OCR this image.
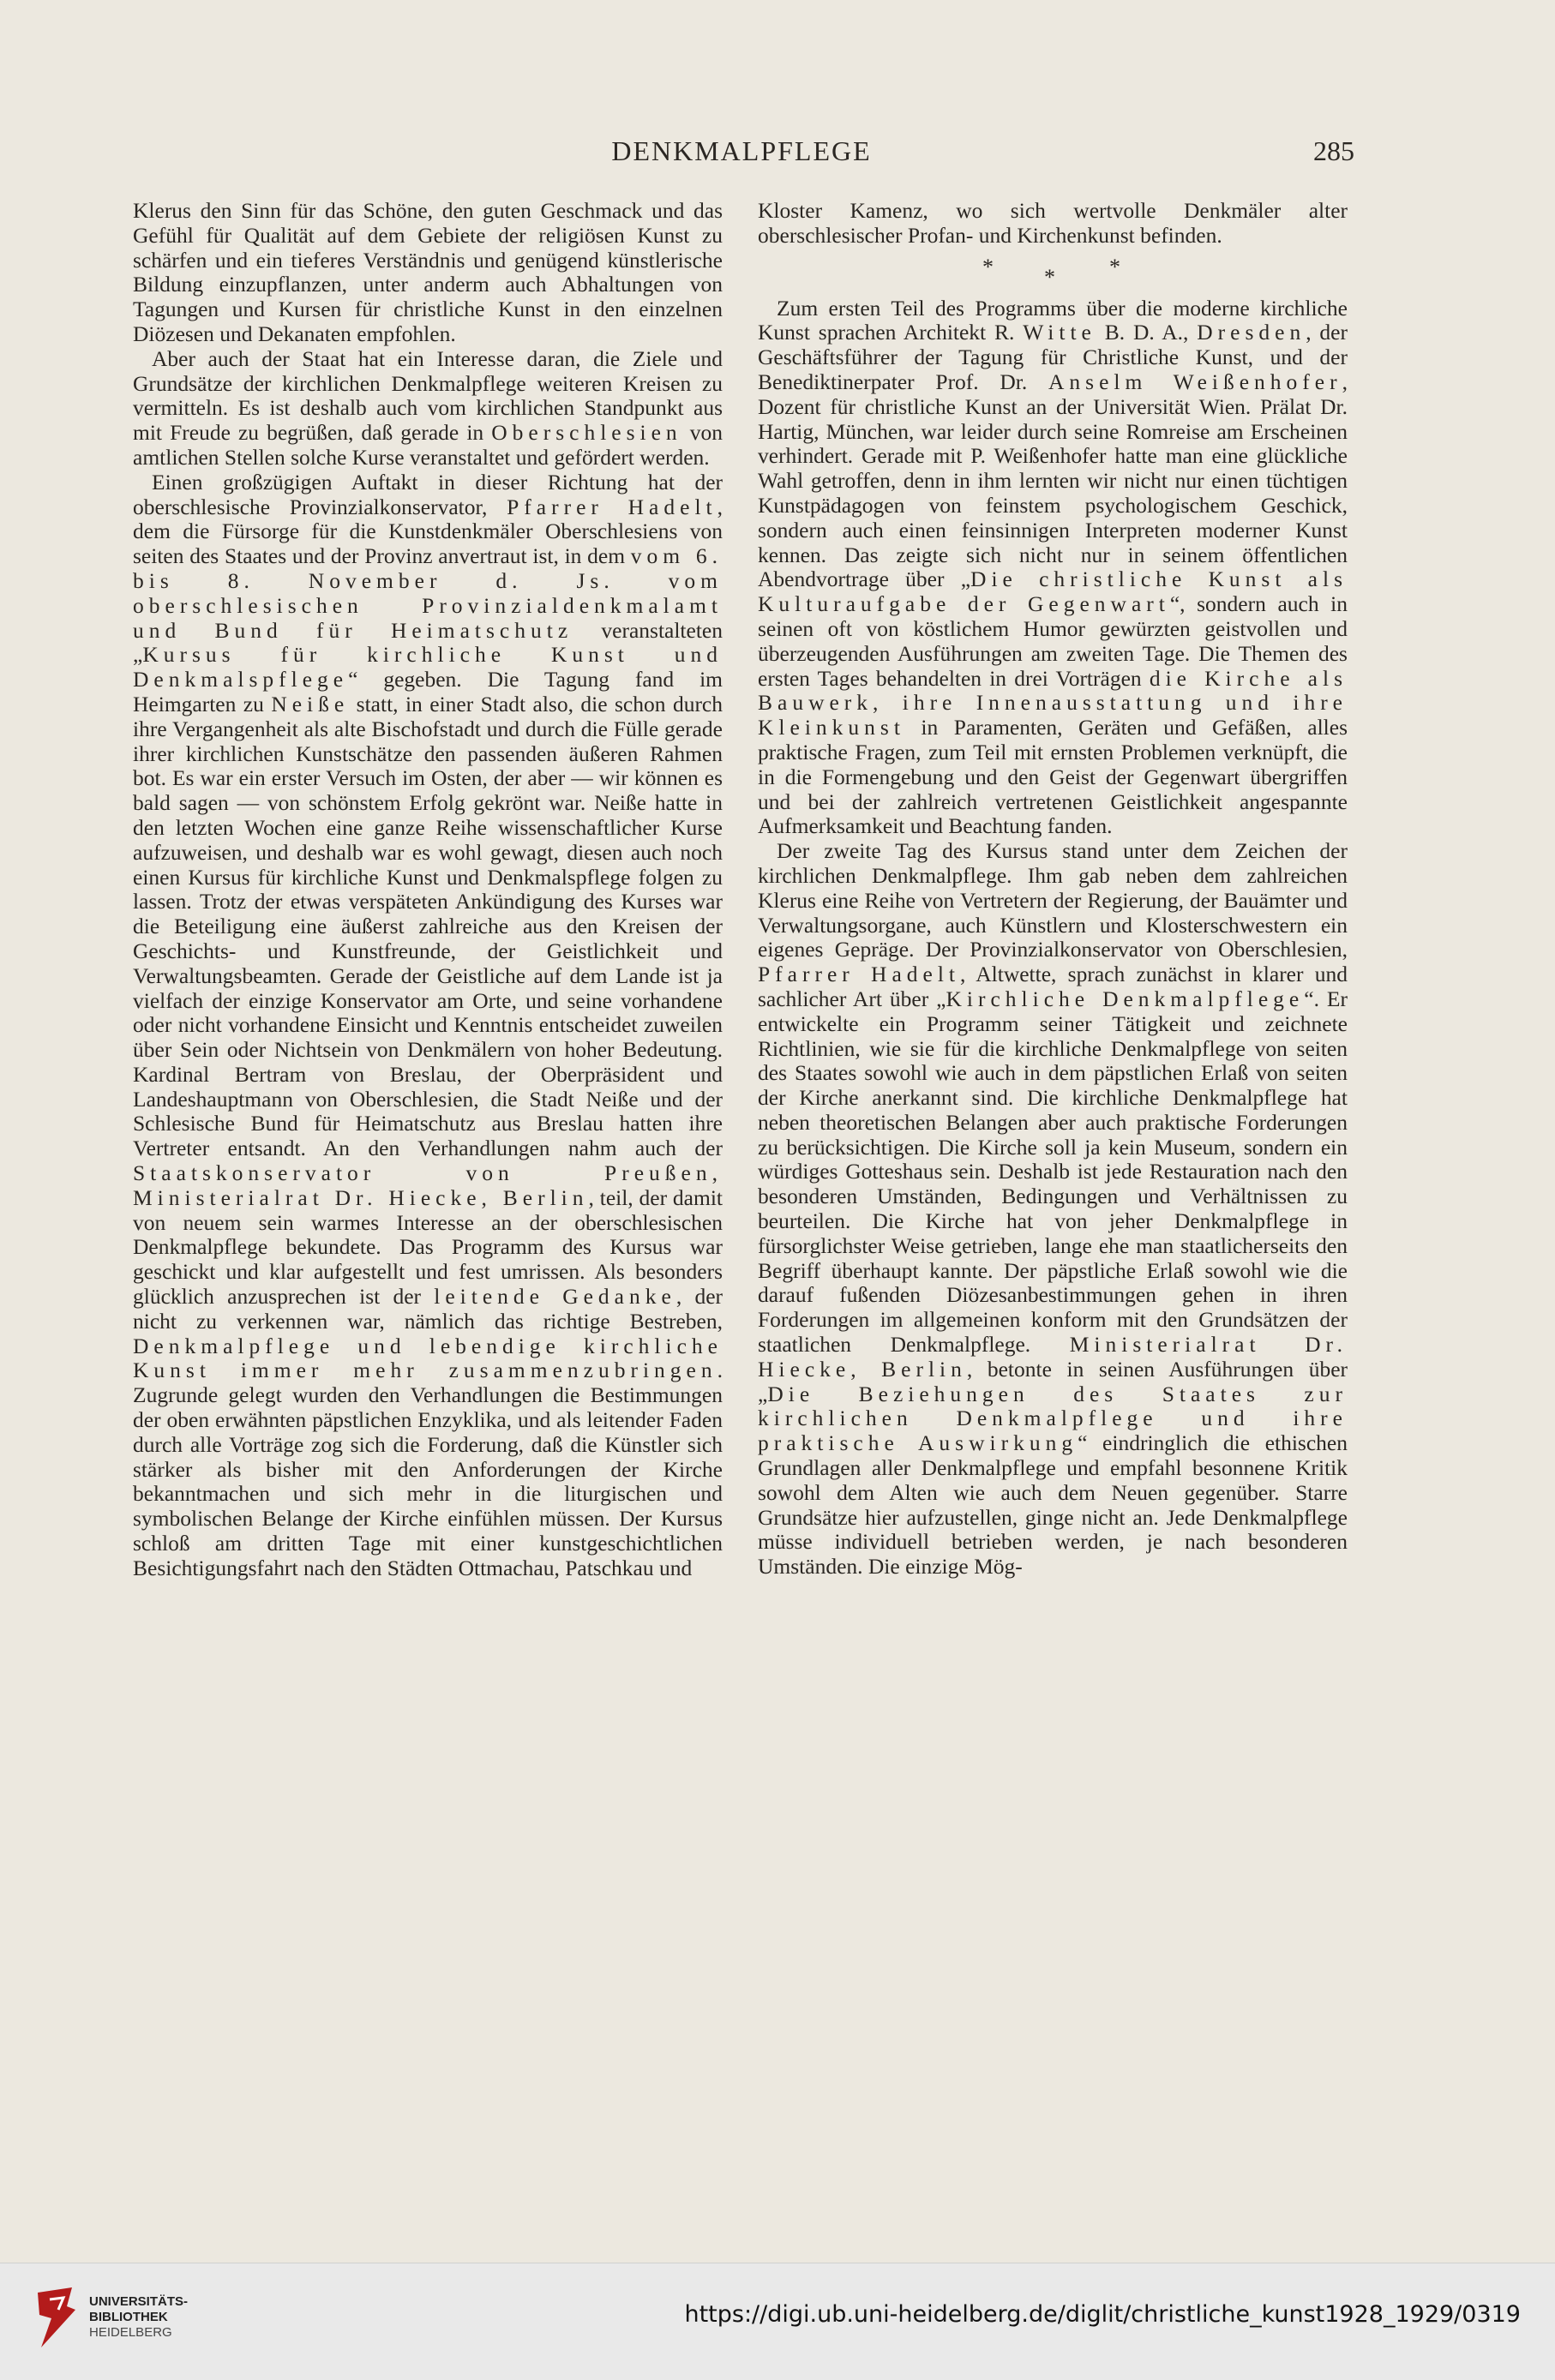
DENKMALPFLEGE	285

Klerus den Sinn für das Schöne, den guten Geschmack und das Gefühl für Qualität auf dem Gebiete der religiösen Kunst zu schärfen und ein tieferes Verständnis und genügend künstlerische Bildung einzupflanzen, unter anderm auch Abhaltungen von Tagungen und Kursen für christliche Kunst in den einzelnen Diözesen und Dekanaten empfohlen.

Aber auch der Staat hat ein Interesse daran, die Ziele und Grundsätze der kirchlichen Denkmalpflege weiteren Kreisen zu vermitteln. Es ist deshalb auch vom kirchlichen Standpunkt aus mit Freude zu begrüßen, daß gerade in Oberschlesien von amtlichen Stellen solche Kurse veranstaltet und gefördert werden.

Einen großzügigen Auftakt in dieser Richtung hat der oberschlesische Provinzialkonservator, Pfarrer Hadelt, dem die Fürsorge für die Kunstdenkmäler Oberschlesiens von seiten des Staates und der Provinz anvertraut ist, in dem vom 6. bis 8. November d. Js. vom oberschlesischen Provinzialdenkmalamt und Bund für Heimatschutz veranstalteten „Kursus für kirchliche Kunst und Denkmalspflege“ gegeben. Die Tagung fand im Heimgarten zu Neiße statt, in einer Stadt also, die schon durch ihre Vergangenheit als alte Bischofstadt und durch die Fülle gerade ihrer kirchlichen Kunstschätze den passenden äußeren Rahmen bot. Es war ein erster Versuch im Osten, der aber — wir können es bald sagen — von schönstem Erfolg gekrönt war. Neiße hatte in den letzten Wochen eine ganze Reihe wissenschaftlicher Kurse aufzuweisen, und deshalb war es wohl gewagt, diesen auch noch einen Kursus für kirchliche Kunst und Denkmalspflege folgen zu lassen. Trotz der etwas verspäteten Ankündigung des Kurses war die Beteiligung eine äußerst zahlreiche aus den Kreisen der Geschichts- und Kunstfreunde, der Geistlichkeit und Verwaltungsbeamten. Gerade der Geistliche auf dem Lande ist ja vielfach der einzige Konservator am Orte, und seine vorhandene oder nicht vorhandene Einsicht und Kenntnis entscheidet zuweilen über Sein oder Nichtsein von Denkmälern von hoher Bedeutung. Kardinal Bertram von Breslau, der Oberpräsident und Landeshauptmann von Oberschlesien, die Stadt Neiße und der Schlesische Bund für Heimatschutz aus Breslau hatten ihre Vertreter entsandt. An den Verhandlungen nahm auch der Staatskonservator von Preußen, Ministerialrat Dr. Hiecke, Berlin, teil, der damit von neuem sein warmes Interesse an der oberschlesischen Denkmalpflege bekundete. Das Programm des Kursus war geschickt und klar aufgestellt und fest umrissen. Als besonders glücklich anzusprechen ist der leitende Gedanke, der nicht zu verkennen war, nämlich das richtige Bestreben, Denkmalpflege und lebendige kirchliche Kunst immer mehr zusammenzubringen. Zugrunde gelegt wurden den Verhandlungen die Bestimmungen der oben erwähnten päpstlichen Enzyklika, und als leitender Faden durch alle Vorträge zog sich die Forderung, daß die Künstler sich stärker als bisher mit den Anforderungen der Kirche bekanntmachen und sich mehr in die liturgischen und symbolischen Belange der Kirche einfühlen müssen. Der Kursus schloß am dritten Tage mit einer kunstgeschichtlichen Besichtigungsfahrt nach den Städten Ottmachau, Patschkau und

Kloster Kamenz, wo sich wertvolle Denkmäler alter oberschlesischer Profan- und Kirchenkunst befinden.

* * *

Zum ersten Teil des Programms über die moderne kirchliche Kunst sprachen Architekt R. Witte B. D. A., Dresden, der Geschäftsführer der Tagung für Christliche Kunst, und der Benediktinerpater Prof. Dr. Anselm Weißenhofer, Dozent für christliche Kunst an der Universität Wien. Prälat Dr. Hartig, München, war leider durch seine Romreise am Erscheinen verhindert. Gerade mit P. Weißenhofer hatte man eine glückliche Wahl getroffen, denn in ihm lernten wir nicht nur einen tüchtigen Kunstpädagogen von feinstem psychologischem Geschick, sondern auch einen feinsinnigen Interpreten moderner Kunst kennen. Das zeigte sich nicht nur in seinem öffentlichen Abendvortrage über „Die christliche Kunst als Kulturaufgabe der Gegenwart“, sondern auch in seinen oft von köstlichem Humor gewürzten geistvollen und überzeugenden Ausführungen am zweiten Tage. Die Themen des ersten Tages behandelten in drei Vorträgen die Kirche als Bauwerk, ihre Innenausstattung und ihre Kleinkunst in Paramenten, Geräten und Gefäßen, alles praktische Fragen, zum Teil mit ernsten Problemen verknüpft, die in die Formengebung und den Geist der Gegenwart übergriffen und bei der zahlreich vertretenen Geistlichkeit angespannte Aufmerksamkeit und Beachtung fanden.

Der zweite Tag des Kursus stand unter dem Zeichen der kirchlichen Denkmalpflege. Ihm gab neben dem zahlreichen Klerus eine Reihe von Vertretern der Regierung, der Bauämter und Verwaltungsorgane, auch Künstlern und Klosterschwestern ein eigenes Gepräge. Der Provinzialkonservator von Oberschlesien, Pfarrer Hadelt, Altwette, sprach zunächst in klarer und sachlicher Art über „Kirchliche Denkmalpflege“. Er entwickelte ein Programm seiner Tätigkeit und zeichnete Richtlinien, wie sie für die kirchliche Denkmalpflege von seiten des Staates sowohl wie auch in dem päpstlichen Erlaß von seiten der Kirche anerkannt sind. Die kirchliche Denkmalpflege hat neben theoretischen Belangen aber auch praktische Forderungen zu berücksichtigen. Die Kirche soll ja kein Museum, sondern ein würdiges Gotteshaus sein. Deshalb ist jede Restauration nach den besonderen Umständen, Bedingungen und Verhältnissen zu beurteilen. Die Kirche hat von jeher Denkmalpflege in fürsorglichster Weise getrieben, lange ehe man staatlicherseits den Begriff überhaupt kannte. Der päpstliche Erlaß sowohl wie die darauf fußenden Diözesanbestimmungen gehen in ihren Forderungen im allgemeinen konform mit den Grundsätzen der staatlichen Denkmalpflege. Ministerialrat Dr. Hiecke, Berlin, betonte in seinen Ausführungen über „Die Beziehungen des Staates zur kirchlichen Denkmalpflege und ihre praktische Auswirkung“ eindringlich die ethischen Grundlagen aller Denkmalpflege und empfahl besonnene Kritik sowohl dem Alten wie auch dem Neuen gegenüber. Starre Grundsätze hier aufzustellen, ginge nicht an. Jede Denkmalpflege müsse individuell betrieben werden, je nach besonderen Umständen. Die einzige Mög-

UNIVERSITÄTS-
BIBLIOTHEK
HEIDELBERG
https://digi.ub.uni-heidelberg.de/diglit/christliche_kunst1928_1929/0319
